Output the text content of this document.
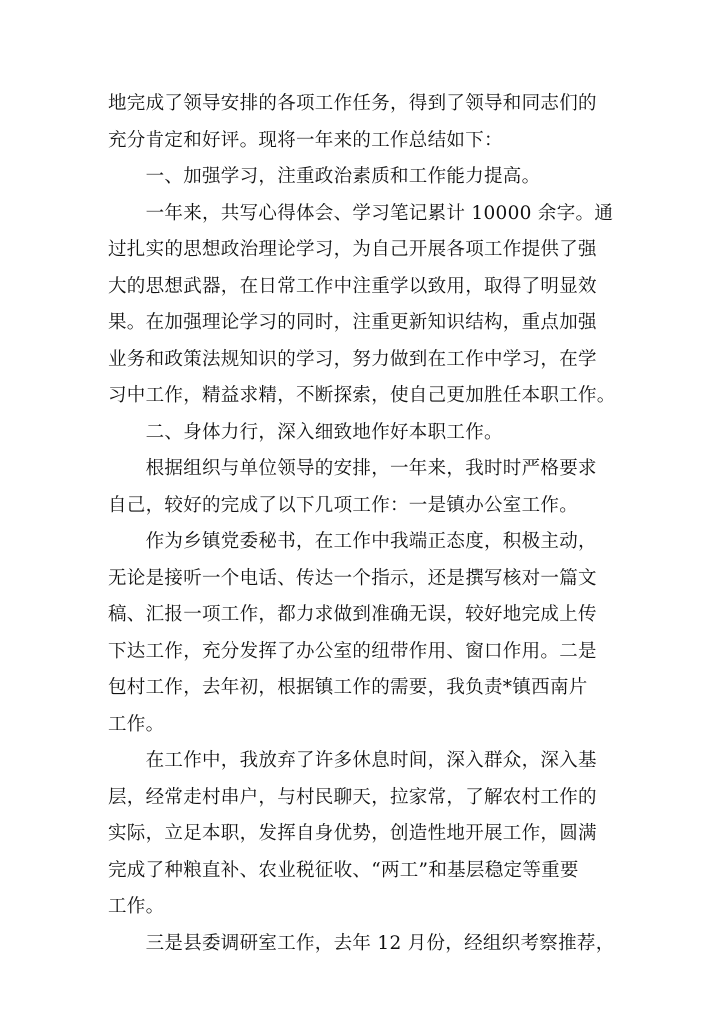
地完成了领导安排的各项工作任务，得到了领导和同志们的
充分肯定和好评。现将一年来的工作总结如下：
　　一、加强学习，注重政治素质和工作能力提高。
　　一年来，共写心得体会、学习笔记累计 10000 余字。通
过扎实的思想政治理论学习，为自己开展各项工作提供了强
大的思想武器，在日常工作中注重学以致用，取得了明显效
果。在加强理论学习的同时，注重更新知识结构，重点加强
业务和政策法规知识的学习，努力做到在工作中学习，在学
习中工作，精益求精，不断探索，使自己更加胜任本职工作。
　　二、身体力行，深入细致地作好本职工作。
　　根据组织与单位领导的安排，一年来，我时时严格要求
自己，较好的完成了以下几项工作：一是镇办公室工作。
　　作为乡镇党委秘书，在工作中我端正态度，积极主动，
无论是接听一个电话、传达一个指示，还是撰写核对一篇文
稿、汇报一项工作，都力求做到准确无误，较好地完成上传
下达工作，充分发挥了办公室的纽带作用、窗口作用。二是
包村工作，去年初，根据镇工作的需要，我负责*镇西南片
工作。
　　在工作中，我放弃了许多休息时间，深入群众，深入基
层，经常走村串户，与村民聊天，拉家常，了解农村工作的
实际，立足本职，发挥自身优势，创造性地开展工作，圆满
完成了种粮直补、农业税征收、“两工”和基层稳定等重要
工作。
　　三是县委调研室工作，去年 12 月份，经组织考察推荐，
